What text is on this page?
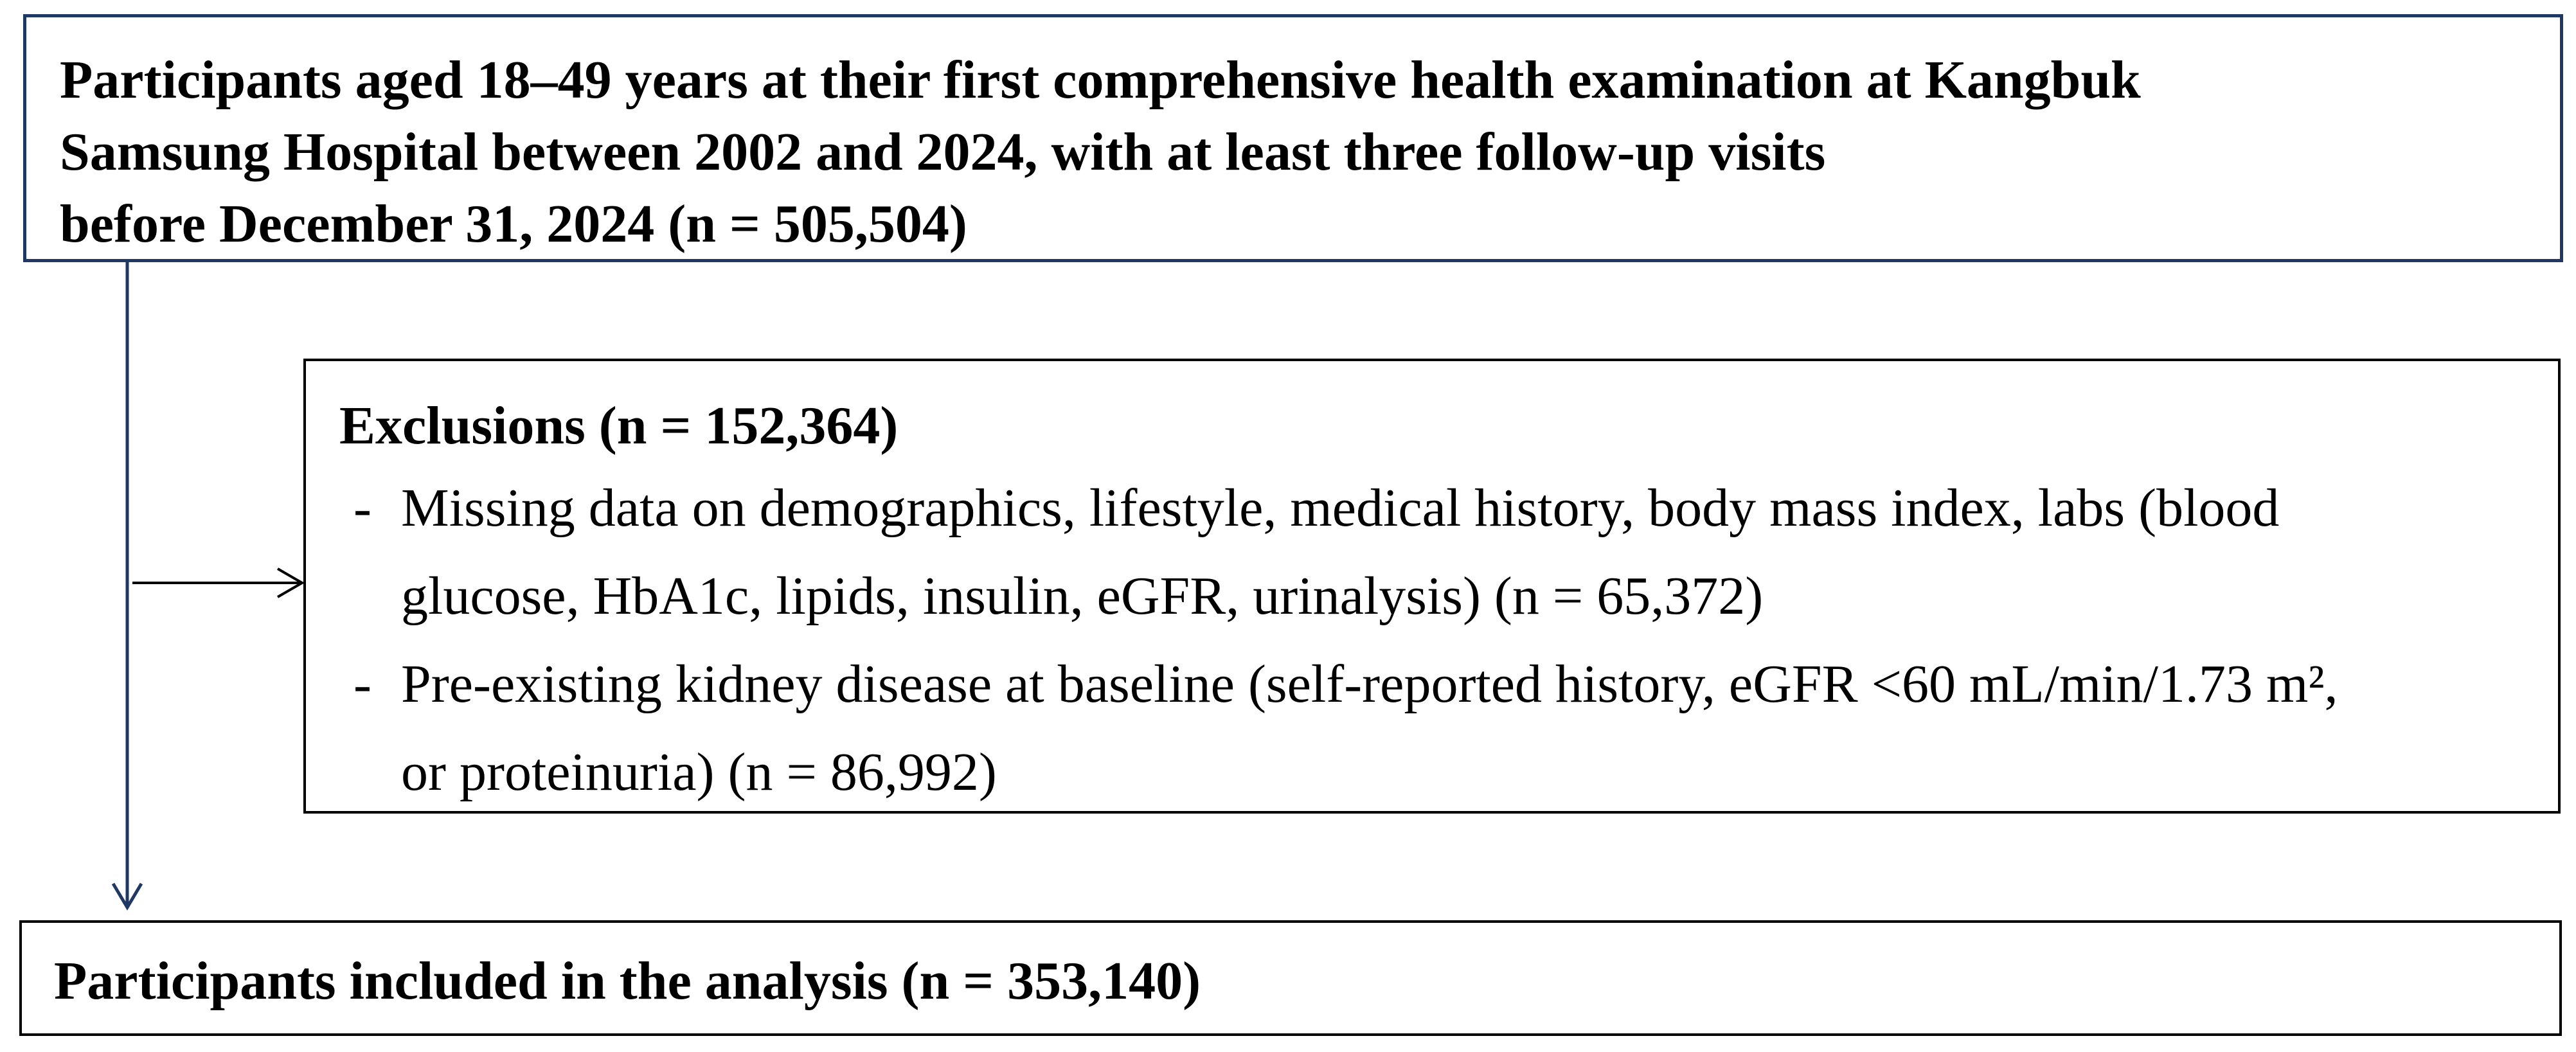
Participants aged 18–49 years at their first comprehensive health examination at Kangbuk
Samsung Hospital between 2002 and 2024, with at least three follow-up visits
before December 31, 2024 (n = 505,504)
Exclusions (n = 152,364)
- Missing data on demographics, lifestyle, medical history, body mass index, labs (blood
glucose, HbA1c, lipids, insulin, eGFR, urinalysis) (n = 65,372)
- Pre-existing kidney disease at baseline (self-reported history, eGFR <60 mL/min/1.73 m²,
or proteinuria) (n = 86,992)
Participants included in the analysis (n = 353,140)
